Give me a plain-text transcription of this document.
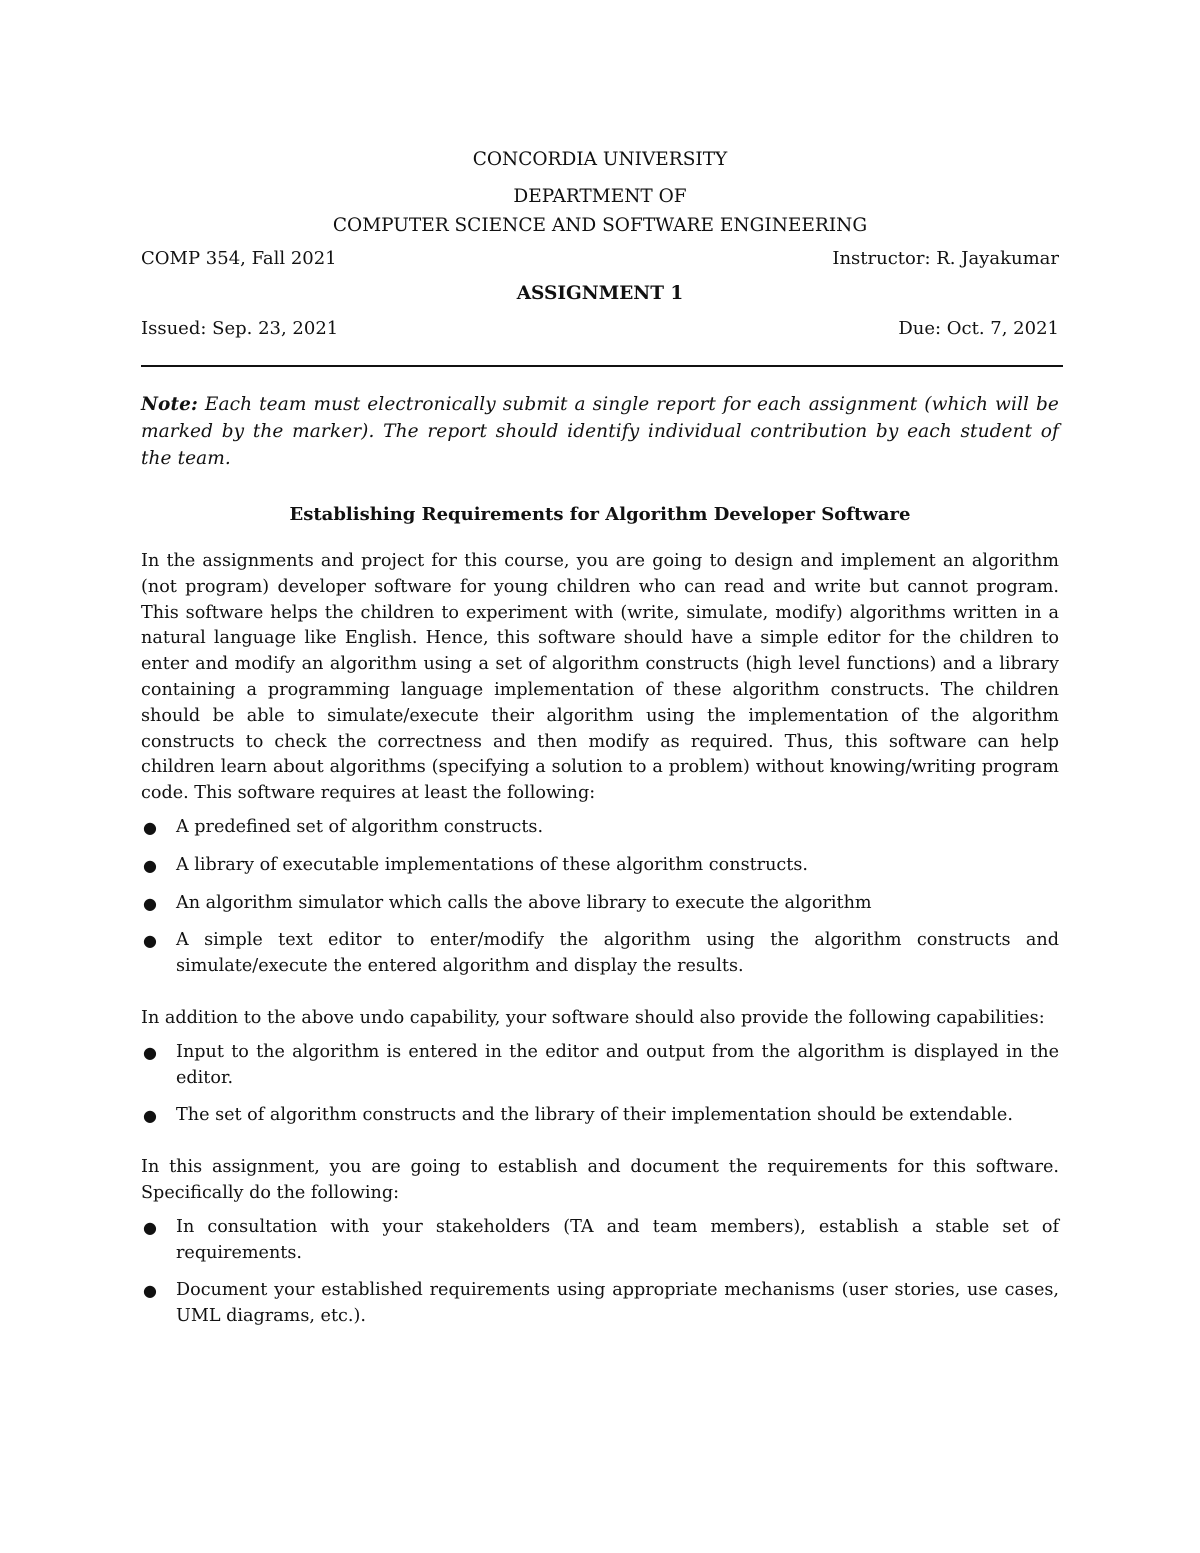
CONCORDIA UNIVERSITY
DEPARTMENT OF
COMPUTER SCIENCE AND SOFTWARE ENGINEERING
COMP 354, Fall 2021	Instructor: R. Jayakumar
ASSIGNMENT 1
Issued: Sep. 23, 2021	Due: Oct. 7, 2021

Note: Each team must electronically submit a single report for each assignment (which will be marked by the marker). The report should identify individual contribution by each student of the team.

Establishing Requirements for Algorithm Developer Software

In the assignments and project for this course, you are going to design and implement an algorithm (not program) developer software for young children who can read and write but cannot program. This software helps the children to experiment with (write, simulate, modify) algorithms written in a natural language like English. Hence, this software should have a simple editor for the children to enter and modify an algorithm using a set of algorithm constructs (high level functions) and a library containing a programming language implementation of these algorithm constructs. The children should be able to simulate/execute their algorithm using the implementation of the algorithm constructs to check the correctness and then modify as required. Thus, this software can help children learn about algorithms (specifying a solution to a problem) without knowing/writing program code. This software requires at least the following:

● A predefined set of algorithm constructs.
● A library of executable implementations of these algorithm constructs.
● An algorithm simulator which calls the above library to execute the algorithm
● A simple text editor to enter/modify the algorithm using the algorithm constructs and simulate/execute the entered algorithm and display the results.

In addition to the above undo capability, your software should also provide the following capabilities:

● Input to the algorithm is entered in the editor and output from the algorithm is displayed in the editor.
● The set of algorithm constructs and the library of their implementation should be extendable.

In this assignment, you are going to establish and document the requirements for this software. Specifically do the following:

● In consultation with your stakeholders (TA and team members), establish a stable set of requirements.
● Document your established requirements using appropriate mechanisms (user stories, use cases, UML diagrams, etc.).
